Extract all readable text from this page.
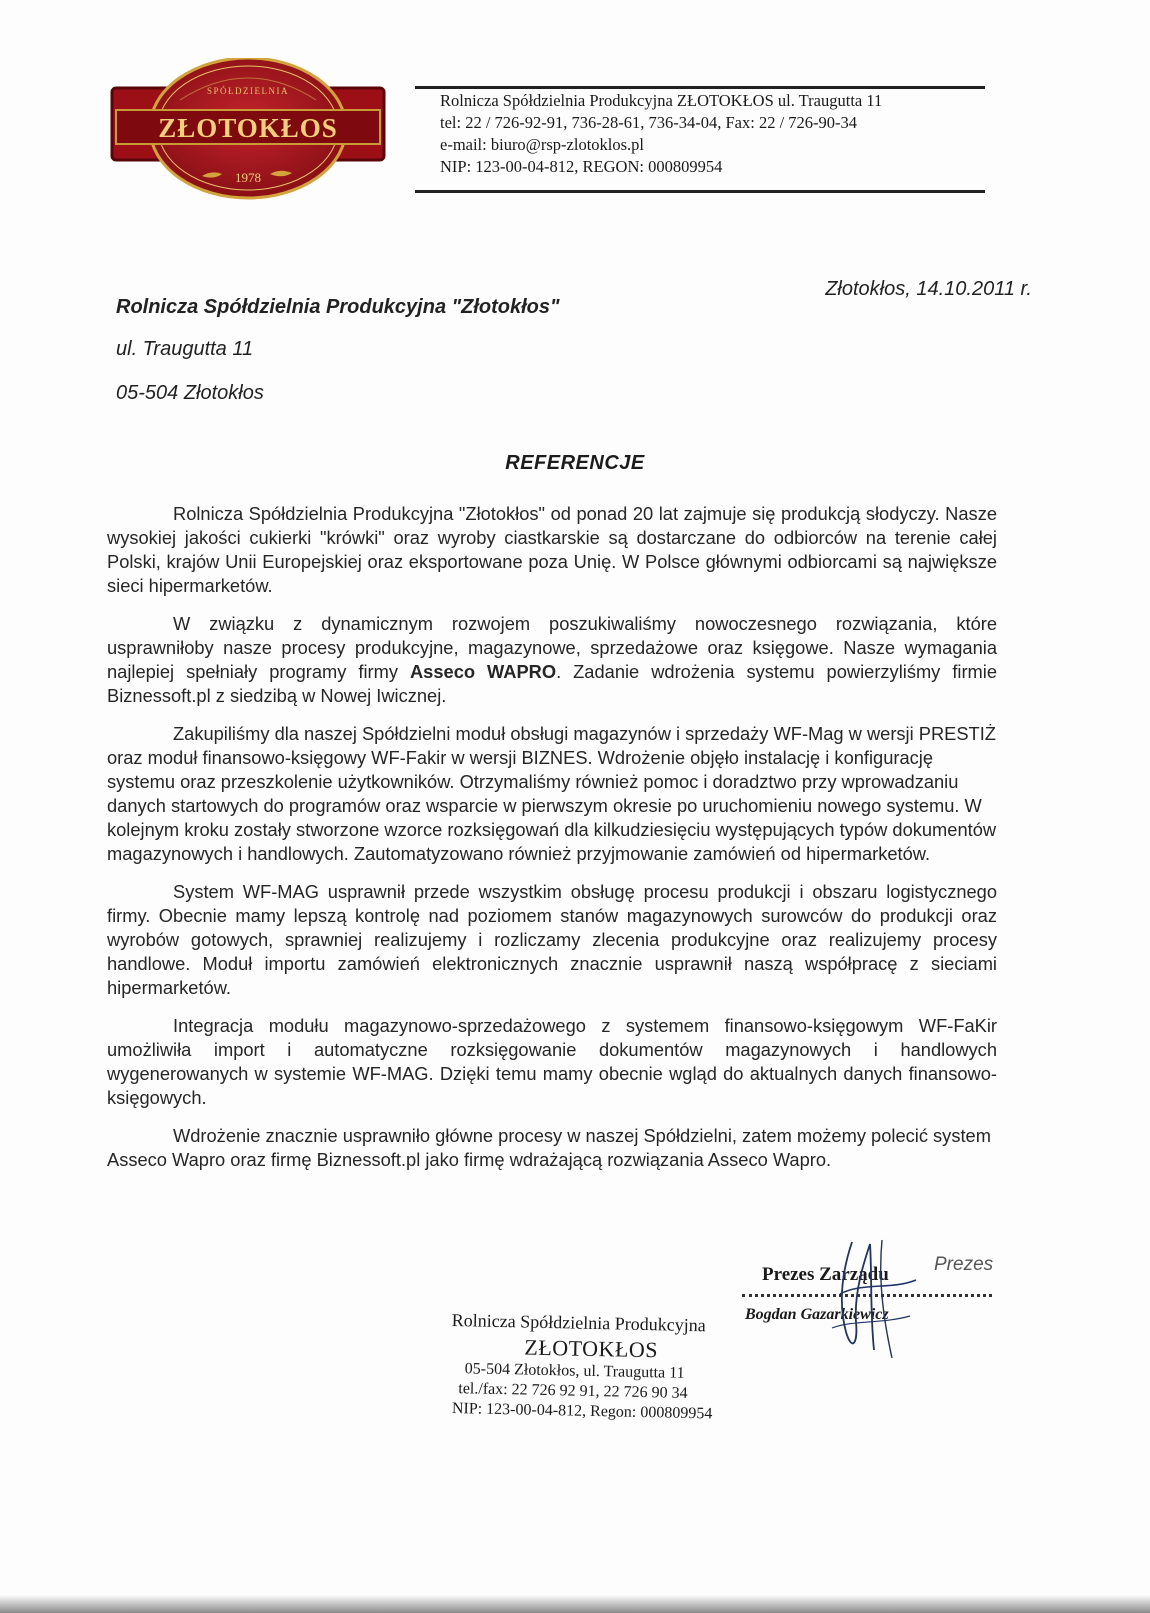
ZŁOTOKŁOS
SPÓŁDZIELNIA
1978
Rolnicza Spółdzielnia Produkcyjna ZŁOTOKŁOS ul. Traugutta 11
tel: 22 / 726-92-91, 736-28-61, 736-34-04, Fax: 22 / 726-90-34
e-mail: biuro@rsp-zlotoklos.pl
NIP: 123-00-04-812, REGON: 000809954
Złotokłos, 14.10.2011 r.
Rolnicza Spółdzielnia Produkcyjna "Złotokłos"
ul. Traugutta 11
05-504 Złotokłos
REFERENCJE

Rolnicza Spółdzielnia Produkcyjna "Złotokłos" od ponad 20 lat zajmuje się produkcją słodyczy. Nasze wysokiej jakości cukierki "krówki" oraz wyroby ciastkarskie są dostarczane do odbiorców na terenie całej Polski, krajów Unii Europejskiej oraz eksportowane poza Unię. W Polsce głównymi odbiorcami są największe sieci hipermarketów.

W związku z dynamicznym rozwojem poszukiwaliśmy nowoczesnego rozwiązania, które usprawniłoby nasze procesy produkcyjne, magazynowe, sprzedażowe oraz księgowe. Nasze wymagania najlepiej spełniały programy firmy Asseco WAPRO. Zadanie wdrożenia systemu powierzyliśmy firmie Biznessoft.pl z siedzibą w Nowej Iwicznej.

Zakupiliśmy dla naszej Spółdzielni moduł obsługi magazynów i sprzedaży WF-Mag w wersji PRESTIŻ oraz moduł finansowo-księgowy WF-Fakir w wersji BIZNES. Wdrożenie objęło instalację i konfigurację systemu oraz przeszkolenie użytkowników. Otrzymaliśmy również pomoc i doradztwo przy wprowadzaniu danych startowych do programów oraz wsparcie w pierwszym okresie po uruchomieniu nowego systemu. W kolejnym kroku zostały stworzone wzorce rozksięgowań dla kilkudziesięciu występujących typów dokumentów magazynowych i handlowych. Zautomatyzowano również przyjmowanie zamówień od hipermarketów.

System WF-MAG usprawnił przede wszystkim obsługę procesu produkcji i obszaru logistycznego firmy. Obecnie mamy lepszą kontrolę nad poziomem stanów magazynowych surowców do produkcji oraz wyrobów gotowych, sprawniej realizujemy i rozliczamy zlecenia produkcyjne oraz realizujemy procesy handlowe. Moduł importu zamówień elektronicznych znacznie usprawnił naszą współpracę z sieciami hipermarketów.

Integracja modułu magazynowo-sprzedażowego z systemem finansowo-księgowym WF-FaKir umożliwiła import i automatyczne rozksięgowanie dokumentów magazynowych i handlowych wygenerowanych w systemie WF-MAG. Dzięki temu mamy obecnie wgląd do aktualnych danych finansowo-księgowych.

Wdrożenie znacznie usprawniło główne procesy w naszej Spółdzielni, zatem możemy polecić system Asseco Wapro oraz firmę Biznessoft.pl jako firmę wdrażającą rozwiązania Asseco Wapro.

Prezes
Prezes Zarządu
Bogdan Gazarkiewicz
Rolnicza Spółdzielnia Produkcyjna
ZŁOTOKŁOS
05-504 Złotokłos, ul. Traugutta 11
tel./fax: 22 726 92 91, 22 726 90 34
NIP: 123-00-04-812, Regon: 000809954
